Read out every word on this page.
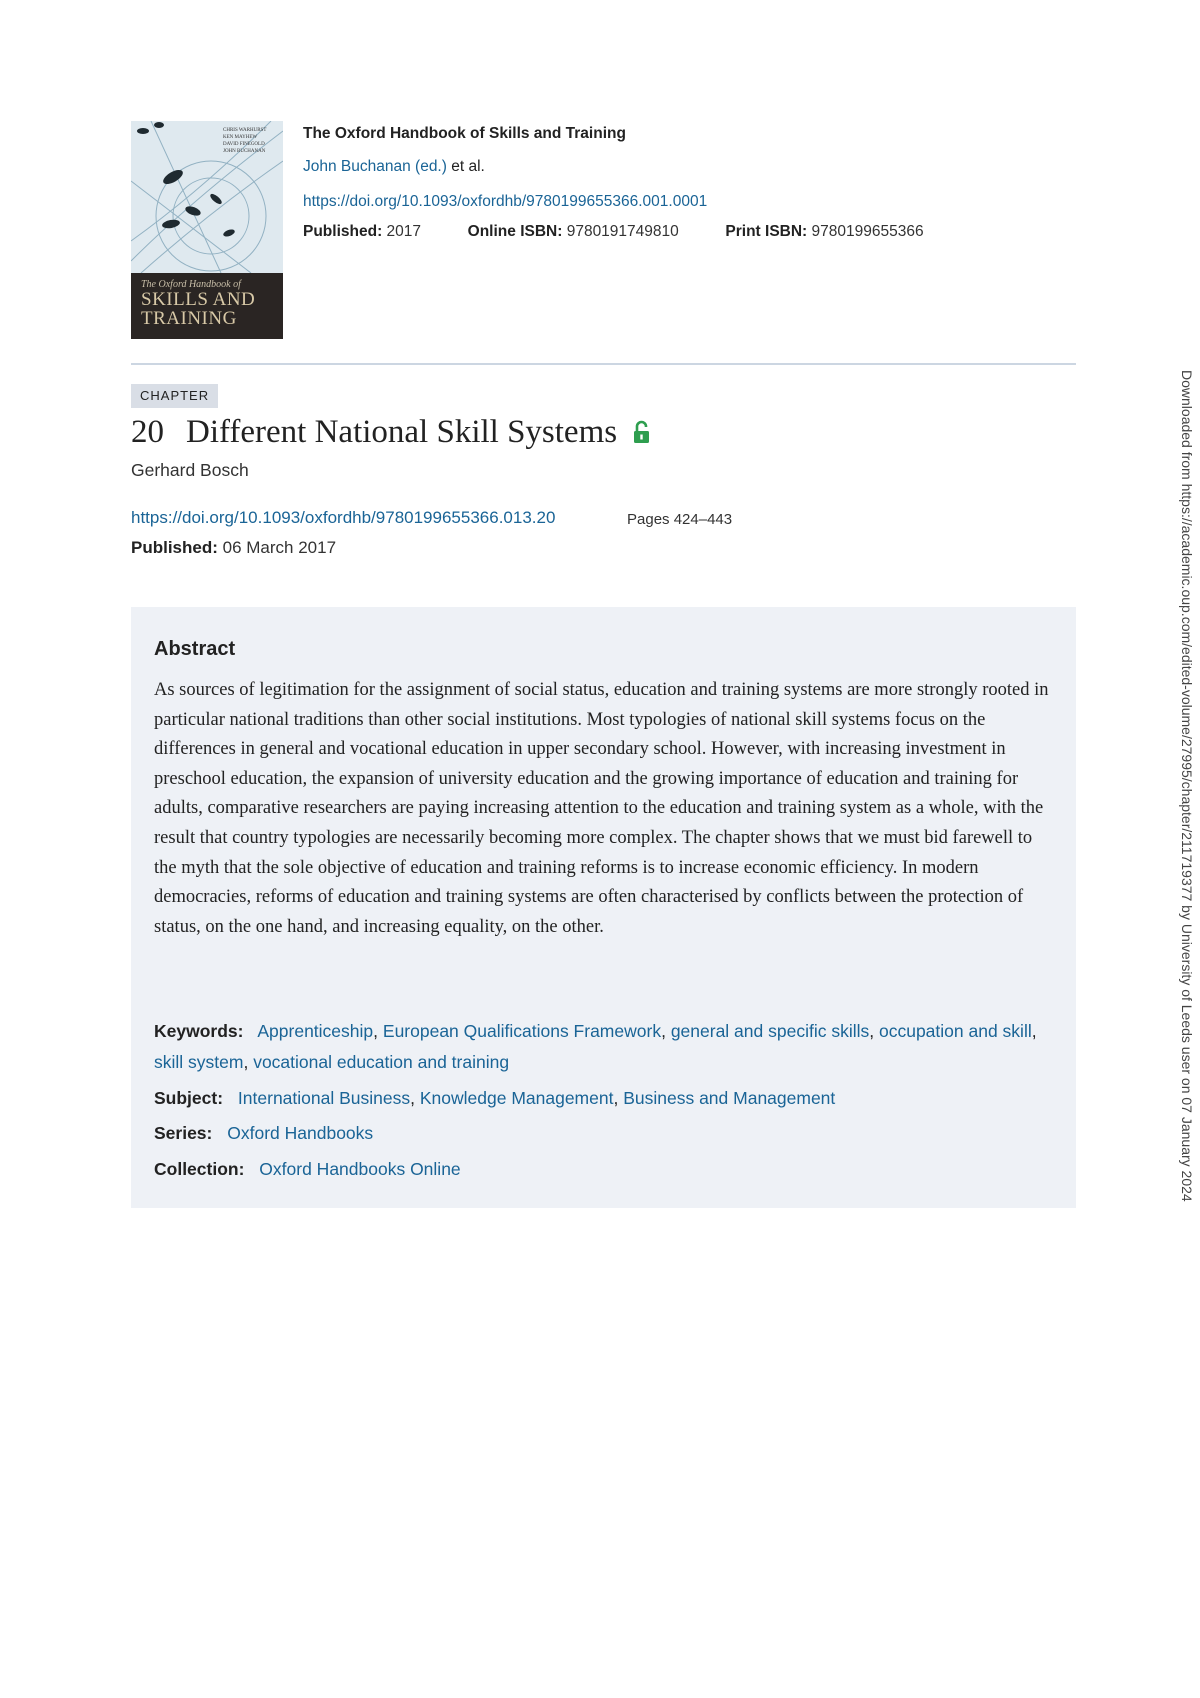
CHRIS WARHURST
KEN MAYHEW
DAVID FINEGOLD
JOHN BUCHANAN
The Oxford Handbook of
SKILLS AND
TRAINING
The Oxford Handbook of Skills and Training
John Buchanan (ed.) et al.
https://doi.org/10.1093/oxfordhb/9780199655366.001.0001
Published: 2017	Online ISBN: 9780191749810	Print ISBN: 9780199655366
CHAPTER
20 Different National Skill Systems
Gerhard Bosch
https://doi.org/10.1093/oxfordhb/9780199655366.013.20	Pages 424–443
Published: 06 March 2017
Abstract
As sources of legitimation for the assignment of social status, education and training systems are more strongly rooted in particular national traditions than other social institutions. Most typologies of national skill systems focus on the differences in general and vocational education in upper secondary school. However, with increasing investment in preschool education, the expansion of university education and the growing importance of education and training for adults, comparative researchers are paying increasing attention to the education and training system as a whole, with the result that country typologies are necessarily becoming more complex. The chapter shows that we must bid farewell to the myth that the sole objective of education and training reforms is to increase economic efficiency. In modern democracies, reforms of education and training systems are often characterised by conflicts between the protection of status, on the one hand, and increasing equality, on the other.
Keywords: Apprenticeship, European Qualifications Framework, general and specific skills, occupation and skill, skill system, vocational education and training
Subject: International Business, Knowledge Management, Business and Management
Series: Oxford Handbooks
Collection: Oxford Handbooks Online	Downloaded from https://academic.oup.com/edited-volume/27995/chapter/211719377 by University of Leeds user on 07 January 2024
